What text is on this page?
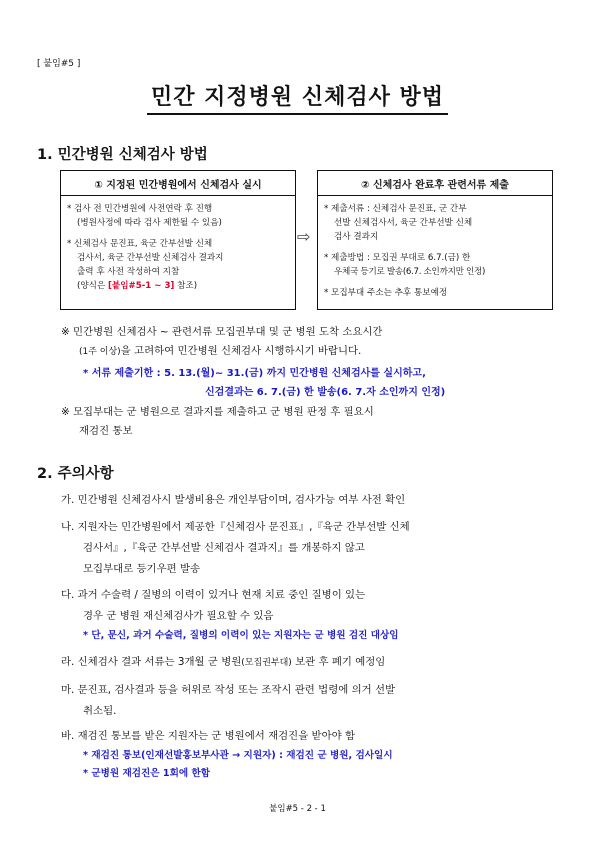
[ 붙임#5 ]
민간 지정병원 신체검사 방법
1. 민간병원 신체검사 방법
① 지정된 민간병원에서 신체검사 실시
* 검사 전 민간병원에 사전연락 후 진행
(병원사정에 따라 검사 제한될 수 있음)
* 신체검사 문진표, 육군 간부선발 신체
검사서, 육군 간부선발 신체검사 결과지
출력 후 사전 작성하여 지참
(양식은 [붙임#5-1 ~ 3] 참조)
⇨
② 신체검사 완료후 관련서류 제출
* 제출서류 : 신체검사 문진표, 군 간부
선발 신체검사서, 육군 간부선발 신체
검사 결과지
* 제출방법 : 모집권 부대로 6.7.(금) 한
우체국 등기로 발송(6.7. 소인까지만 인정)
* 모집부대 주소는 추후 통보예정
※ 민간병원 신체검사 ~ 관련서류 모집권부대 및 군 병원 도착 소요시간
(1주 이상)을 고려하여 민간병원 신체검사 시행하시기 바랍니다.
* 서류 제출기한 : 5. 13.(월)~ 31.(금) 까지 민간병원 신체검사를 실시하고,
신검결과는 6. 7.(금) 한 발송(6. 7.자 소인까지 인정)
※ 모집부대는 군 병원으로 결과지를 제출하고 군 병원 판정 후 필요시
재검진 통보
2. 주의사항
가. 민간병원 신체검사시 발생비용은 개인부담이며, 검사가능 여부 사전 확인
나. 지원자는 민간병원에서 제공한『신체검사 문진표』,『육군 간부선발 신체
검사서』,『육군 간부선발 신체검사 결과지』를 개봉하지 않고
모집부대로 등기우편 발송
다. 과거 수술력 / 질병의 이력이 있거나 현재 치료 중인 질병이 있는
경우 군 병원 재신체검사가 필요할 수 있음
* 단, 문신, 과거 수술력, 질병의 이력이 있는 지원자는 군 병원 검진 대상임
라. 신체검사 결과 서류는 3개월 군 병원(모집권부대) 보관 후 폐기 예정임
마. 문진표, 검사결과 등을 허위로 작성 또는 조작시 관련 법령에 의거 선발
취소됨.
바. 재검진 통보를 받은 지원자는 군 병원에서 재검진을 받아야 함
* 재검진 통보(인재선발홍보부사관 → 지원자) : 재검진 군 병원, 검사일시
* 군병원 재검진은 1회에 한함
붙임#5 - 2 - 1
